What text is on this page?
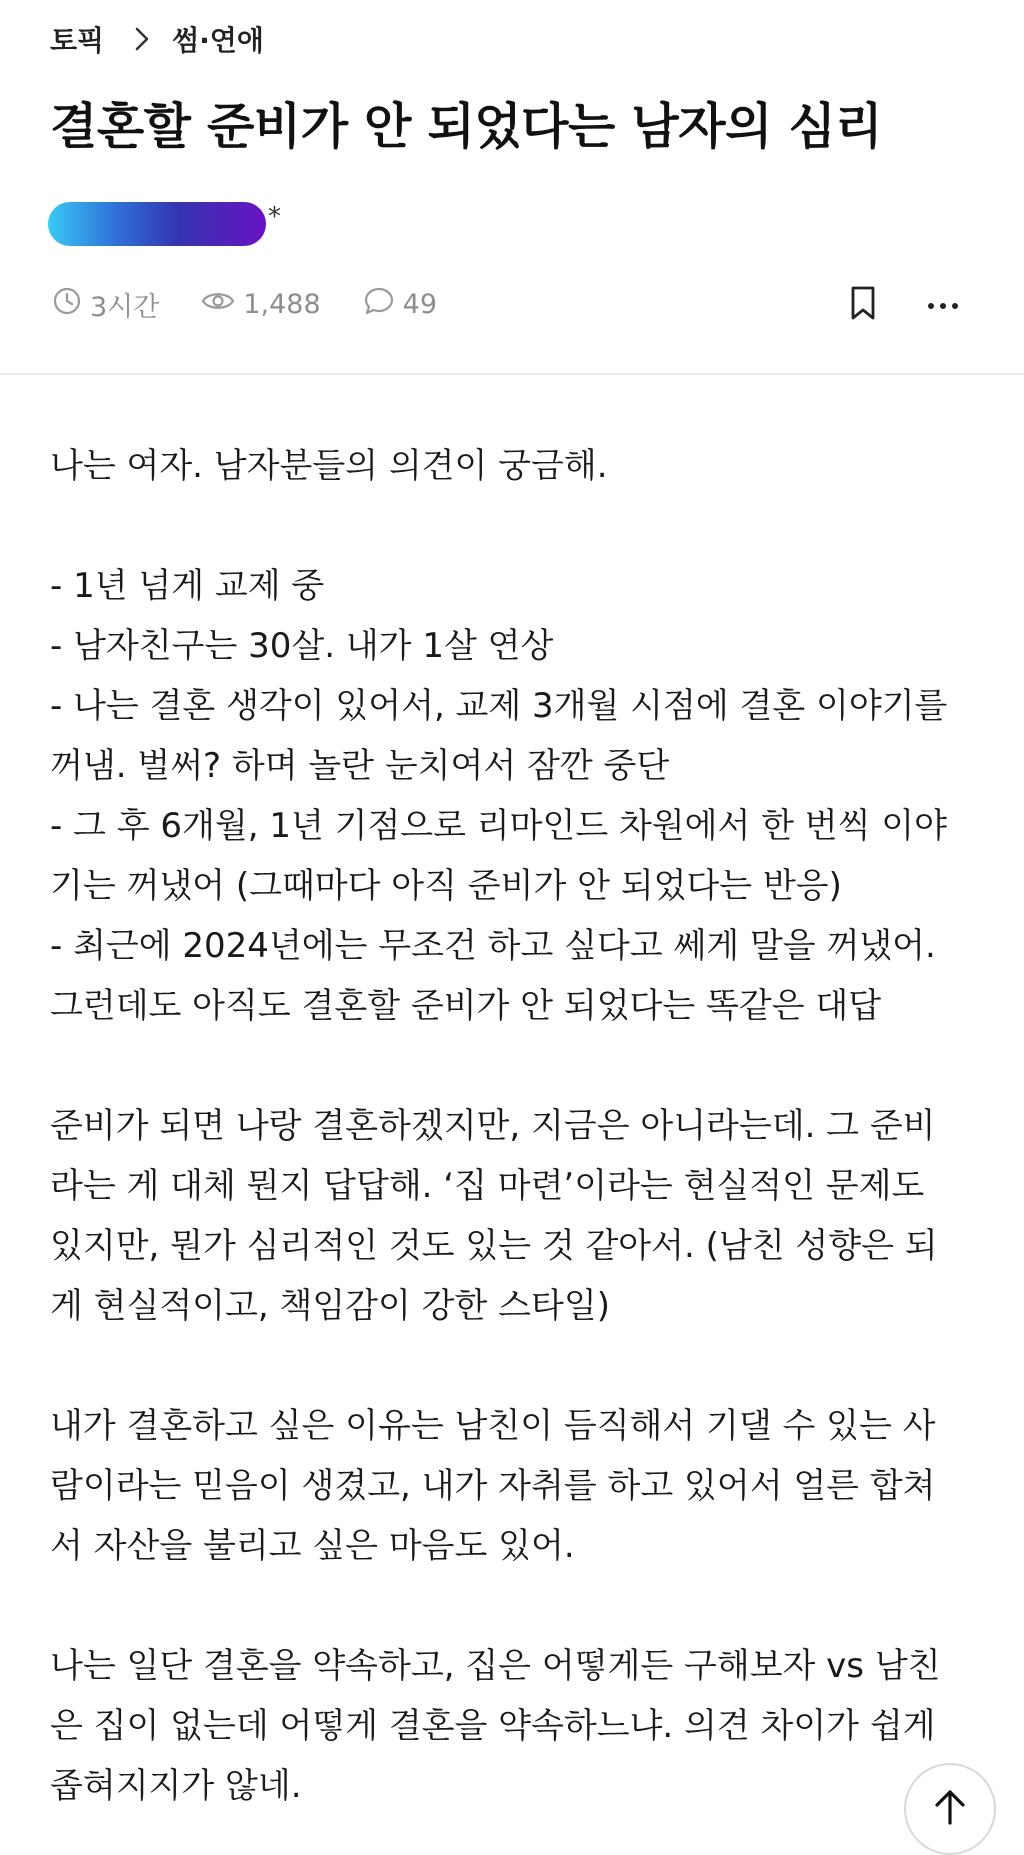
토픽 썸·연애
결혼할 준비가 안 되었다는 남자의 심리
*
3시간	1,488	49

나는 여자. 남자분들의 의견이 궁금해.

- 1년 넘게 교제 중

- 남자친구는 30살. 내가 1살 연상

- 나는 결혼 생각이 있어서, 교제 3개월 시점에 결혼 이야기를

꺼냄. 벌써? 하며 놀란 눈치여서 잠깐 중단

- 그 후 6개월, 1년 기점으로 리마인드 차원에서 한 번씩 이야

기는 꺼냈어 (그때마다 아직 준비가 안 되었다는 반응)

- 최근에 2024년에는 무조건 하고 싶다고 쎄게 말을 꺼냈어.

그런데도 아직도 결혼할 준비가 안 되었다는 똑같은 대답

준비가 되면 나랑 결혼하겠지만, 지금은 아니라는데. 그 준비

라는 게 대체 뭔지 답답해. ‘집 마련’이라는 현실적인 문제도

있지만, 뭔가 심리적인 것도 있는 것 같아서. (남친 성향은 되

게 현실적이고, 책임감이 강한 스타일)

내가 결혼하고 싶은 이유는 남친이 듬직해서 기댈 수 있는 사

람이라는 믿음이 생겼고, 내가 자취를 하고 있어서 얼른 합쳐

서 자산을 불리고 싶은 마음도 있어.

나는 일단 결혼을 약속하고, 집은 어떻게든 구해보자 vs 남친

은 집이 없는데 어떻게 결혼을 약속하느냐. 의견 차이가 쉽게

좁혀지지가 않네.
